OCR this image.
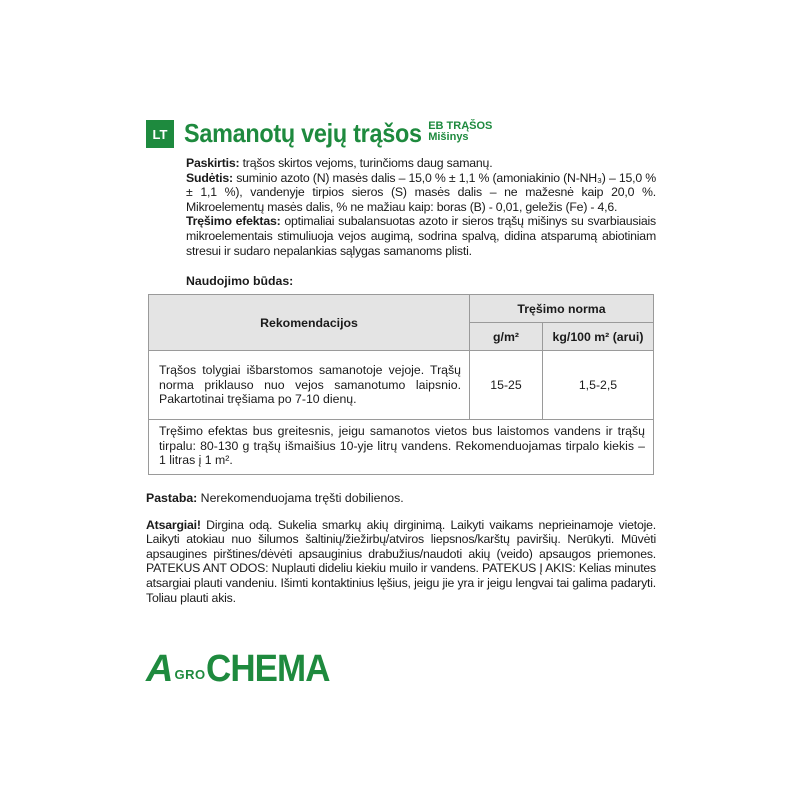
LT Samanotų vejų trąšos EB TRĄŠOS
Mišinys

Paskirtis: trąšos skirtos vejoms, turinčioms daug samanų.

Sudėtis: suminio azoto (N) masės dalis – 15,0 % ± 1,1 % (amoniakinio (N-NH₃) – 15,0 % ± 1,1 %), vandenyje tirpios sieros (S) masės dalis – ne mažesnė kaip 20,0 %. Mikroelementų masės dalis, % ne mažiau kaip: boras (B) - 0,01, geležis (Fe) - 4,6.

Tręšimo efektas: optimaliai subalansuotas azoto ir sieros trąšų mišinys su svarbiausiais mikroelementais stimuliuoja vejos augimą, sodrina spalvą, didina atsparumą abiotiniam stresui ir sudaro nepalankias sąlygas samanoms plisti.

Naudojimo būdas:
Rekomendacijos	Tręšimo norma	
	g/m²	kg/100 m² (arui)
Trąšos tolygiai išbarstomos samanotoje vejoje. Trąšų norma priklauso nuo vejos samanotumo laipsnio. Pakartotinai tręšiama po 7-10 dienų.	15-25	1,5-2,5
Tręšimo efektas bus greitesnis, jeigu samanotos vietos bus laistomos vandens ir trąšų tirpalu: 80-130 g trąšų išmaišius 10-yje litrų vandens. Rekomenduojamas tirpalo kiekis – 1 litras į 1 m².
Pastaba: Nerekomenduojama tręšti dobilienos.
Atsargiai! Dirgina odą. Sukelia smarkų akių dirginimą. Laikyti vaikams neprieinamoje vietoje. Laikyti atokiau nuo šilumos šaltinių/žiežirbų/atviros liepsnos/karštų paviršių. Nerūkyti. Mūvėti apsaugines pirštines/dėvėti apsauginius drabužius/naudoti akių (veido) apsaugos priemones. PATEKUS ANT ODOS: Nuplauti dideliu kiekiu muilo ir vandens. PATEKUS Į AKIS: Kelias minutes atsargiai plauti vandeniu. Išimti kontaktinius lęšius, jeigu jie yra ir jeigu lengvai tai galima padaryti. Toliau plauti akis.
A GRO CHEMA
